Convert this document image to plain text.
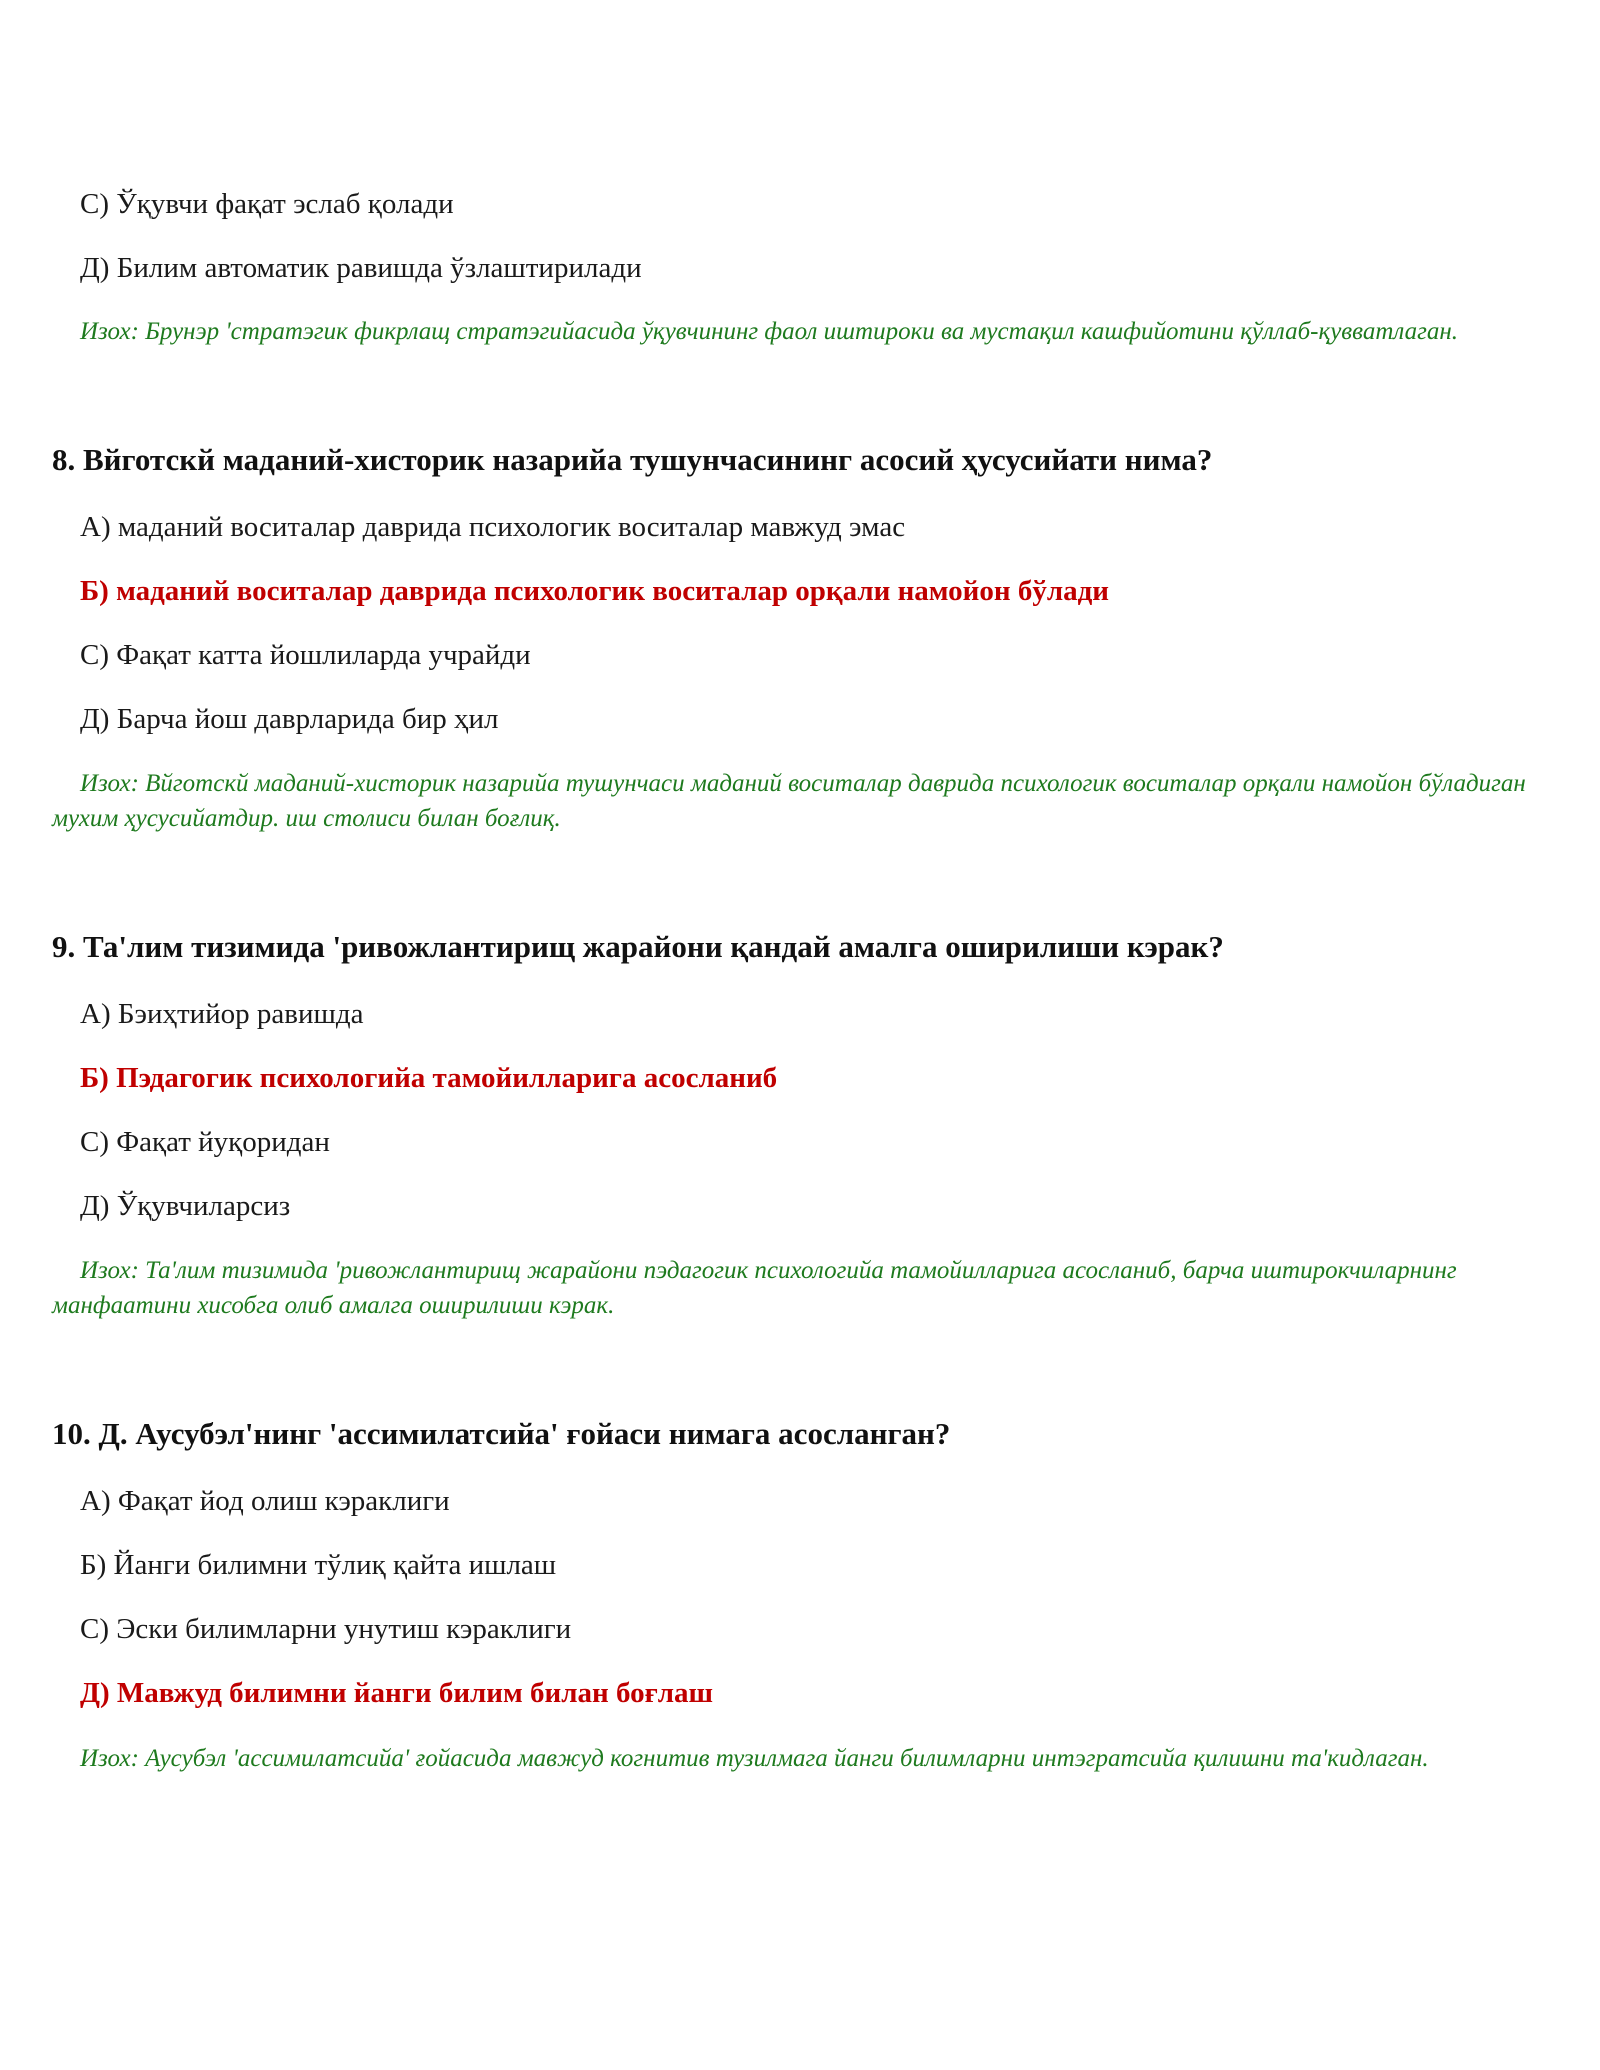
С) Ўқувчи фақат эслаб қолади
Д) Билим автоматик равишда ўзлаштирилади
Изох: Брунэр 'стратэгик фикрлащ стратэгийасида ўқувчининг фаол иштироки ва мустақил кашфийотини қўллаб-қувватлаган.
8. Вйготскй маданий-хисторик назарийа тушунчасининг асосий ҳусусийати нима?
А) маданий воситалар даврида психологик воситалар мавжуд эмас
Б) маданий воситалар даврида психологик воситалар орқали намойон бўлади
С) Фақат катта йошлиларда учрайди
Д) Барча йош даврларида бир ҳил
Изох: Вйготскй маданий-хисторик назарийа тушунчаси маданий воситалар даврида психологик воситалар орқали намойон бўладиган мухим ҳусусийатдир. иш столиси билан боғлиқ.
9. Та'лим тизимида 'ривожлантирищ жарайони қандай амалга оширилиши кэрак?
А) Бэиҳтийор равишда
Б) Пэдагогик психологийа тамойилларига асосланиб
С) Фақат йуқоридан
Д) Ўқувчиларсиз
Изох: Та'лим тизимида 'ривожлантирищ жарайони пэдагогик психологийа тамойилларига асосланиб, барча иштирокчиларнинг манфаатини хисобга олиб амалга оширилиши кэрак.
10. Д. Аусубэл'нинг 'ассимилатсийа' ғойаси нимага асосланган?
А) Фақат йод олиш кэраклиги
Б) Йанги билимни тўлиқ қайта ишлаш
С) Эски билимларни унутиш кэраклиги
Д) Мавжуд билимни йанги билим билан боғлаш
Изох: Аусубэл 'ассимилатсийа' ғойасида мавжуд когнитив тузилмага йанги билимларни интэгратсийа қилишни та'кидлаган.
